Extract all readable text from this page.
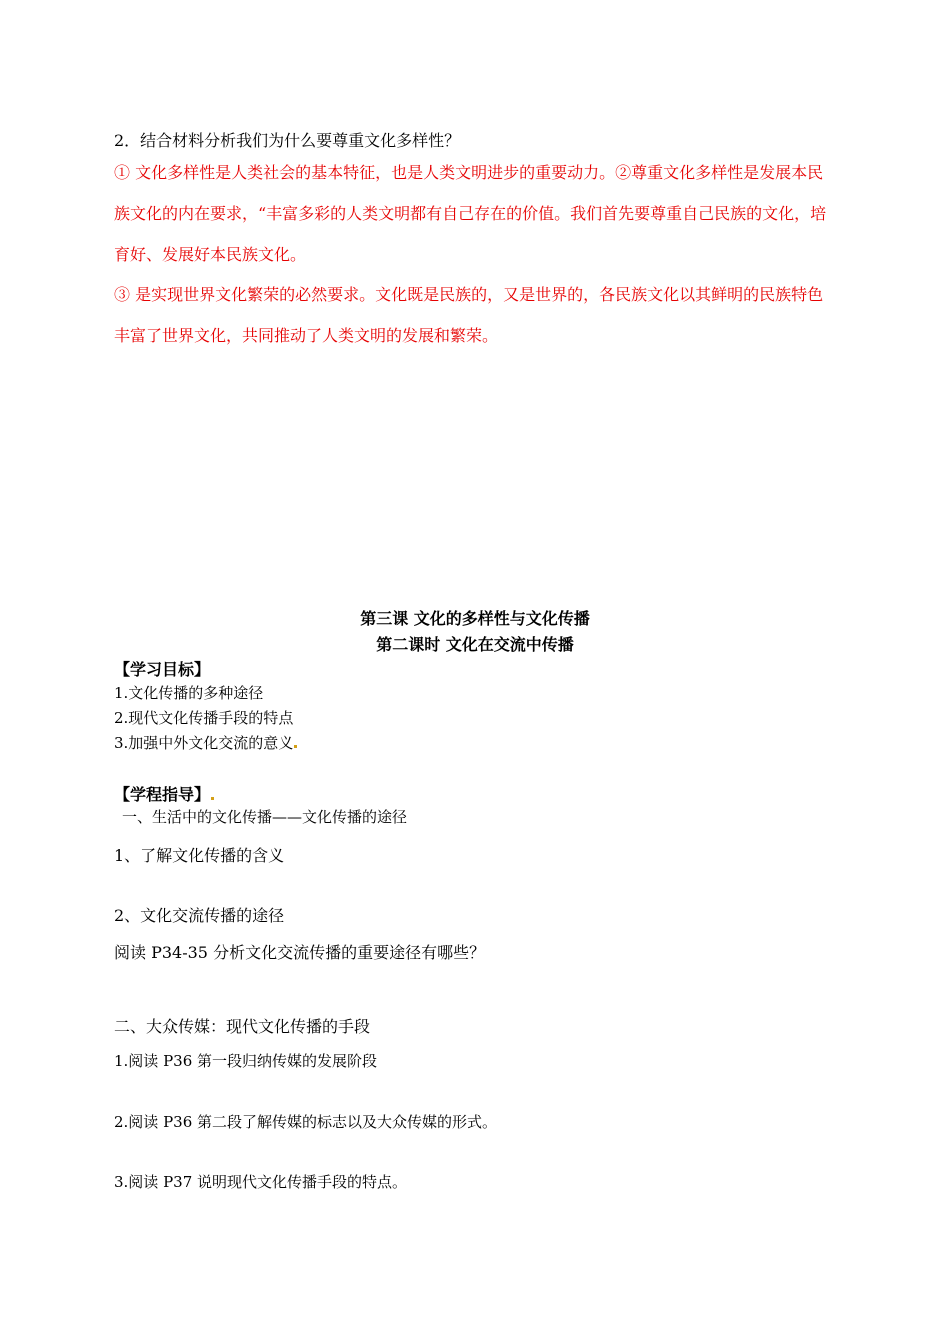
2．结合材料分析我们为什么要尊重文化多样性？
① 文化多样性是人类社会的基本特征，也是人类文明进步的重要动力。②尊重文化多样性是发展本民族文化的内在要求，“丰富多彩的人类文明都有自己存在的价值。我们首先要尊重自己民族的文化，培育好、发展好本民族文化。
③ 是实现世界文化繁荣的必然要求。文化既是民族的，又是世界的，各民族文化以其鲜明的民族特色丰富了世界文化，共同推动了人类文明的发展和繁荣。
第三课 文化的多样性与文化传播
第二课时 文化在交流中传播
【学习目标】
1.文化传播的多种途径
2.现代文化传播手段的特点
3.加强中外文化交流的意义
【学程指导】
一、生活中的文化传播——文化传播的途径
1、了解文化传播的含义
2、文化交流传播的途径
阅读 P34-35 分析文化交流传播的重要途径有哪些？
二、大众传媒：现代文化传播的手段
1.阅读 P36 第一段归纳传媒的发展阶段
2.阅读 P36 第二段了解传媒的标志以及大众传媒的形式。
3.阅读 P37 说明现代文化传播手段的特点。
